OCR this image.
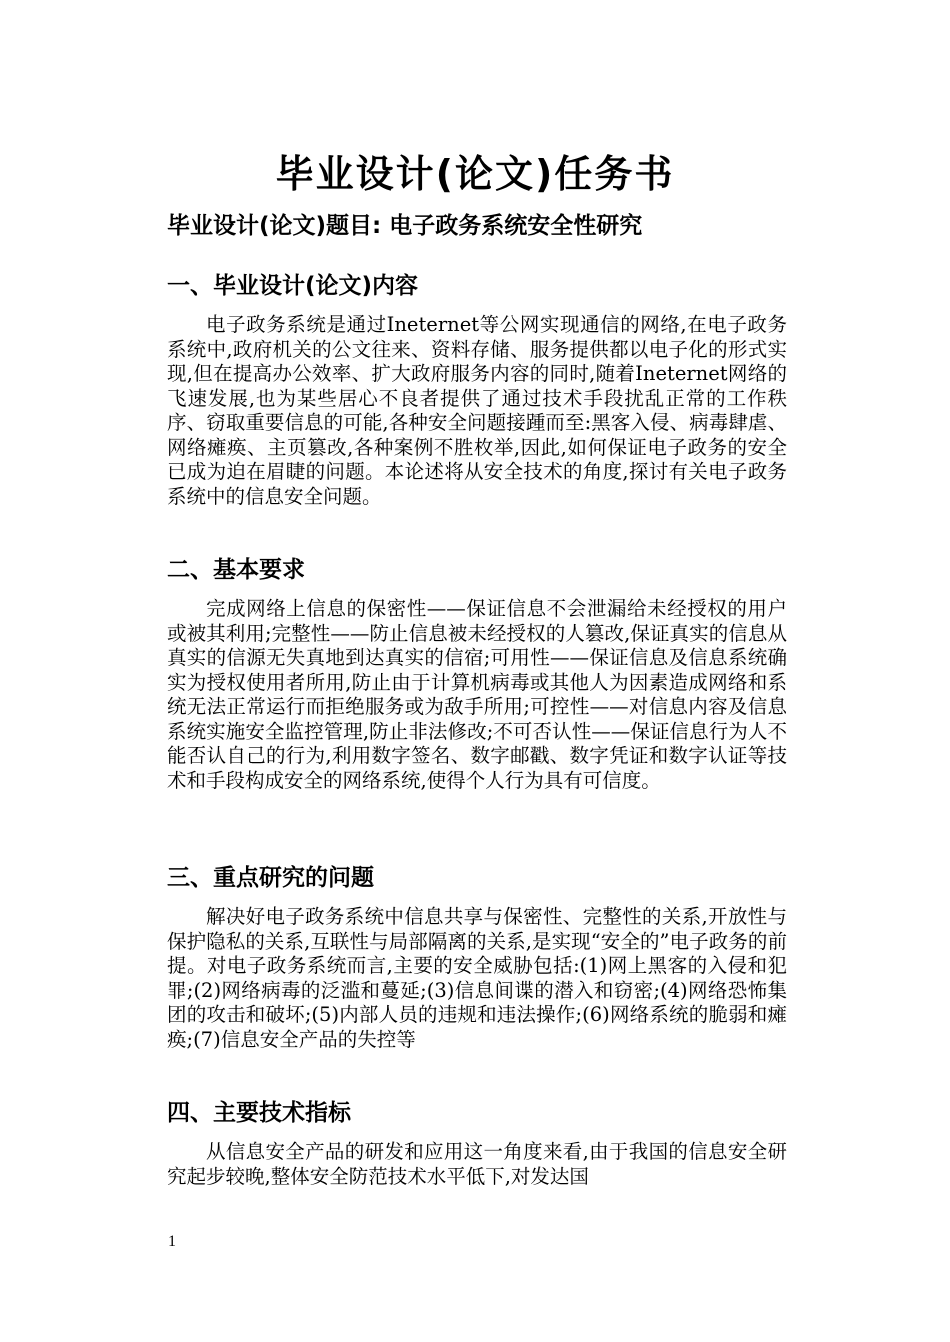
毕业设计(论文)任务书
毕业设计(论文)题目: 电子政务系统安全性研究
一、毕业设计(论文)内容
电子政务系统是通过Ineternet等公网实现通信的网络,在电子政务系统中,政府机关的公文往来、资料存储、服务提供都以电子化的形式实现,但在提高办公效率、扩大政府服务内容的同时,随着Ineternet网络的飞速发展,也为某些居心不良者提供了通过技术手段扰乱正常的工作秩序、窃取重要信息的可能,各种安全问题接踵而至:黑客入侵、病毒肆虐、网络瘫痪、主页篡改,各种案例不胜枚举,因此,如何保证电子政务的安全已成为迫在眉睫的问题。本论述将从安全技术的角度,探讨有关电子政务系统中的信息安全问题。
二、基本要求
完成网络上信息的保密性——保证信息不会泄漏给未经授权的用户或被其利用;完整性——防止信息被未经授权的人篡改,保证真实的信息从真实的信源无失真地到达真实的信宿;可用性——保证信息及信息系统确实为授权使用者所用,防止由于计算机病毒或其他人为因素造成网络和系统无法正常运行而拒绝服务或为敌手所用;可控性——对信息内容及信息系统实施安全监控管理,防止非法修改;不可否认性——保证信息行为人不能否认自己的行为,利用数字签名、数字邮戳、数字凭证和数字认证等技术和手段构成安全的网络系统,使得个人行为具有可信度。
三、重点研究的问题
解决好电子政务系统中信息共享与保密性、完整性的关系,开放性与保护隐私的关系,互联性与局部隔离的关系,是实现“安全的”电子政务的前提。对电子政务系统而言,主要的安全威胁包括:(1)网上黑客的入侵和犯罪;(2)网络病毒的泛滥和蔓延;(3)信息间谍的潜入和窃密;(4)网络恐怖集团的攻击和破坏;(5)内部人员的违规和违法操作;(6)网络系统的脆弱和瘫痪;(7)信息安全产品的失控等
四、主要技术指标
从信息安全产品的研发和应用这一角度来看,由于我国的信息安全研究起步较晚,整体安全防范技术水平低下,对发达国
1
